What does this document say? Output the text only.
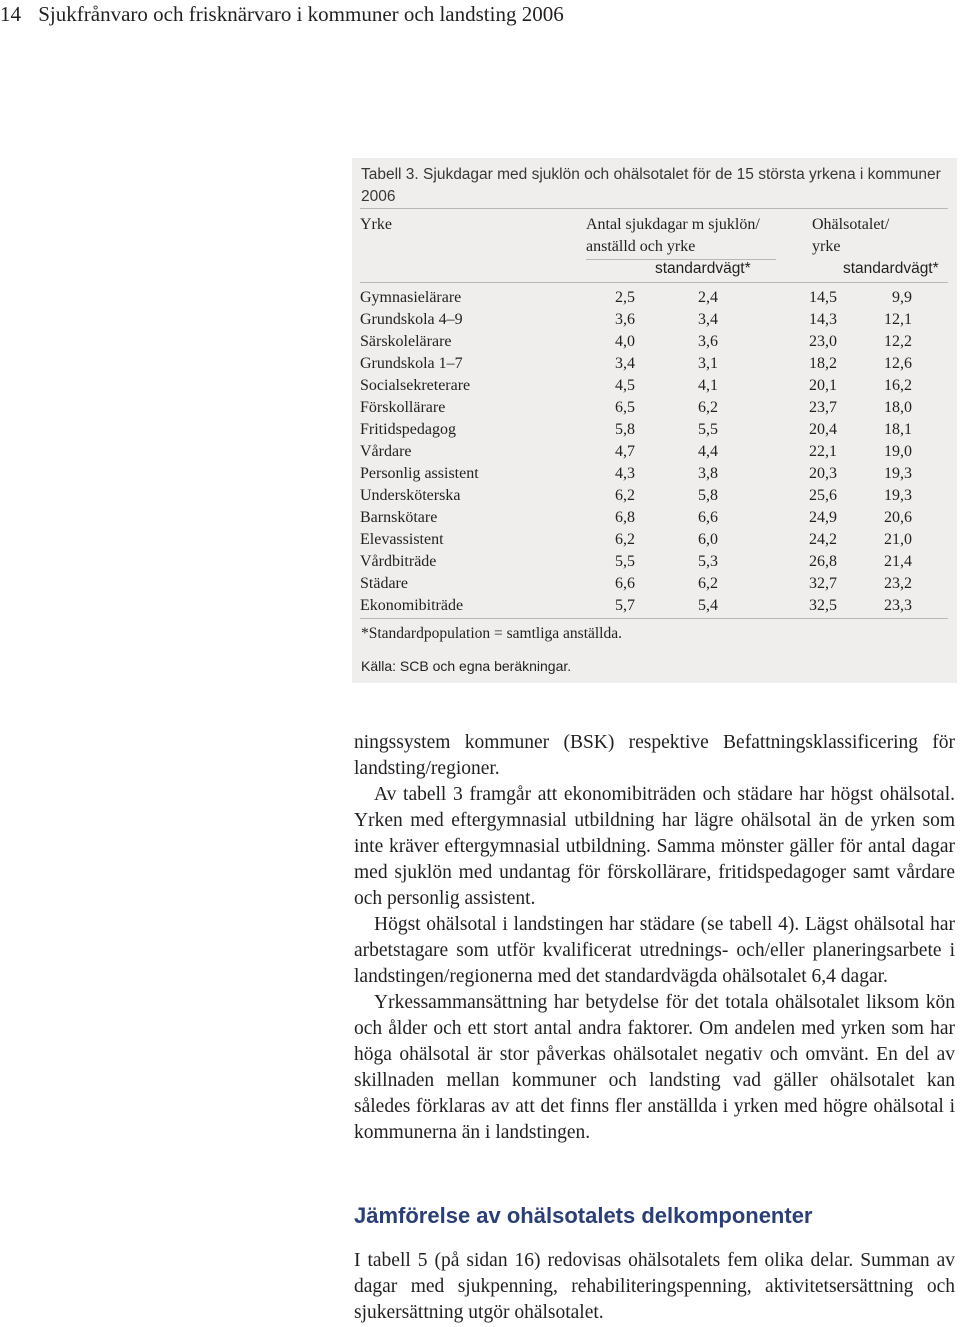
14 Sjukfrånvaro och frisknärvaro i kommuner och landsting 2006
Tabell 3. Sjukdagar med sjuklön och ohälsotalet för de 15 största yrkena i kommuner 2006
Yrke	Antal sjukdagar m sjuklön/
anställd och yrke
standardvägt*
Ohälsotalet/
yrke
standardvägt*
Gymnasielärare	2,5	2,4	14,5	9,9
Grundskola 4–9	3,6	3,4	14,3	12,1
Särskolelärare	4,0	3,6	23,0	12,2
Grundskola 1–7	3,4	3,1	18,2	12,6
Socialsekreterare	4,5	4,1	20,1	16,2
Förskollärare	6,5	6,2	23,7	18,0
Fritidspedagog	5,8	5,5	20,4	18,1
Vårdare	4,7	4,4	22,1	19,0
Personlig assistent	4,3	3,8	20,3	19,3
Undersköterska	6,2	5,8	25,6	19,3
Barnskötare	6,8	6,6	24,9	20,6
Elevassistent	6,2	6,0	24,2	21,0
Vårdbiträde	5,5	5,3	26,8	21,4
Städare	6,6	6,2	32,7	23,2
Ekonomibiträde	5,7	5,4	32,5	23,3
*Standardpopulation = samtliga anställda.
Källa: SCB och egna beräkningar.

ningssystem kommuner (BSK) respektive Befattningsklassificering för landsting/regioner.

Av tabell 3 framgår att ekonomibiträden och städare har högst ohälsotal. Yrken med eftergymnasial utbildning har lägre ohälsotal än de yrken som inte kräver eftergymnasial utbildning. Samma mönster gäller för antal dagar med sjuklön med undantag för förskollärare, fritidspedagoger samt vårdare och personlig assistent.

Högst ohälsotal i landstingen har städare (se tabell 4). Lägst ohälsotal har arbetstagare som utför kvalificerat utrednings- och/eller planeringsarbete i landstingen/regionerna med det standardvägda ohälsotalet 6,4 dagar.

Yrkessammansättning har betydelse för det totala ohälsotalet liksom kön och ålder och ett stort antal andra faktorer. Om andelen med yrken som har höga ohälsotal är stor påverkas ohälsotalet negativ och omvänt. En del av skillnaden mellan kommuner och landsting vad gäller ohälsotalet kan således förklaras av att det finns fler anställda i yrken med högre ohälsotal i kommunerna än i landstingen.

Jämförelse av ohälsotalets delkomponenter

I tabell 5 (på sidan 16) redovisas ohälsotalets fem olika delar. Summan av dagar med sjukpenning, rehabiliteringspenning, aktivitetsersättning och sjukersättning utgör ohälsotalet.
